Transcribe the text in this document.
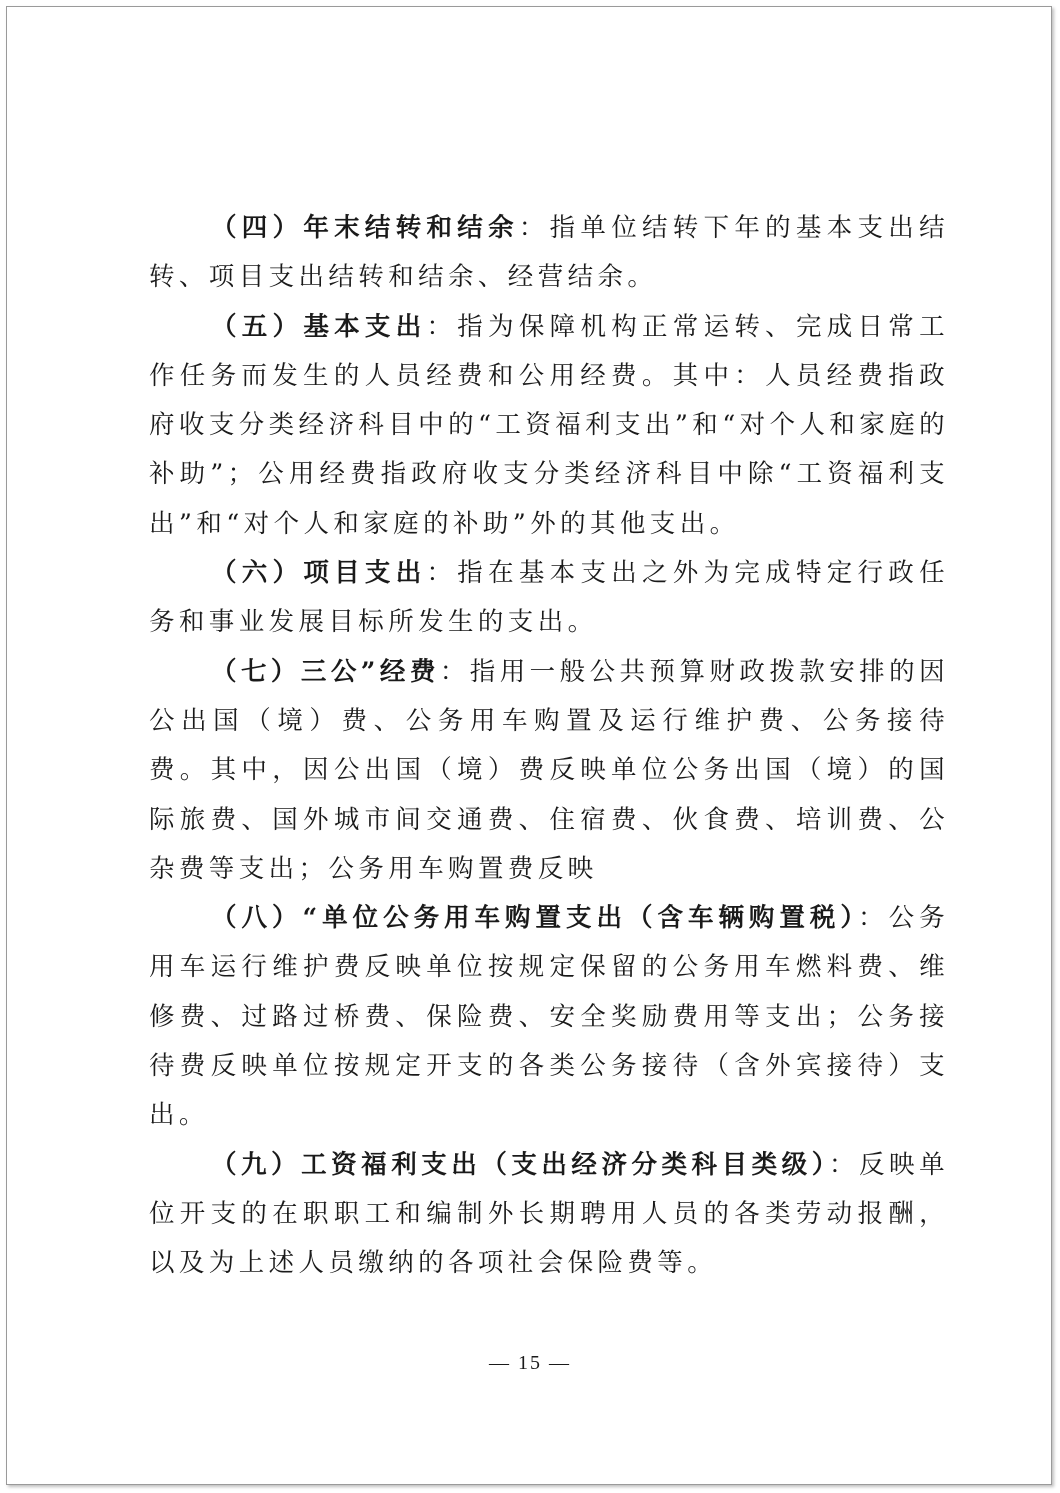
（四）年末结转和结余：指单位结转下年的基本支出结转、项目支出结转和结余、经营结余。

（五）基本支出：指为保障机构正常运转、完成日常工作任务而发生的人员经费和公用经费。其中：人员经费指政府收支分类经济科目中的“工资福利支出”和“对个人和家庭的补助”；公用经费指政府收支分类经济科目中除“工资福利支出”和“对个人和家庭的补助”外的其他支出。

（六）项目支出：指在基本支出之外为完成特定行政任务和事业发展目标所发生的支出。

（七）三公”经费：指用一般公共预算财政拨款安排的因公出国（境）费、公务用车购置及运行维护费、公务接待费。其中，因公出国（境）费反映单位公务出国（境）的国际旅费、国外城市间交通费、住宿费、伙食费、培训费、公杂费等支出；公务用车购置费反映

（八）“单位公务用车购置支出（含车辆购置税）：公务用车运行维护费反映单位按规定保留的公务用车燃料费、维修费、过路过桥费、保险费、安全奖励费用等支出；公务接待费反映单位按规定开支的各类公务接待（含外宾接待）支出。

（九）工资福利支出（支出经济分类科目类级）：反映单位开支的在职职工和编制外长期聘用人员的各类劳动报酬，以及为上述人员缴纳的各项社会保险费等。

— 15 —
